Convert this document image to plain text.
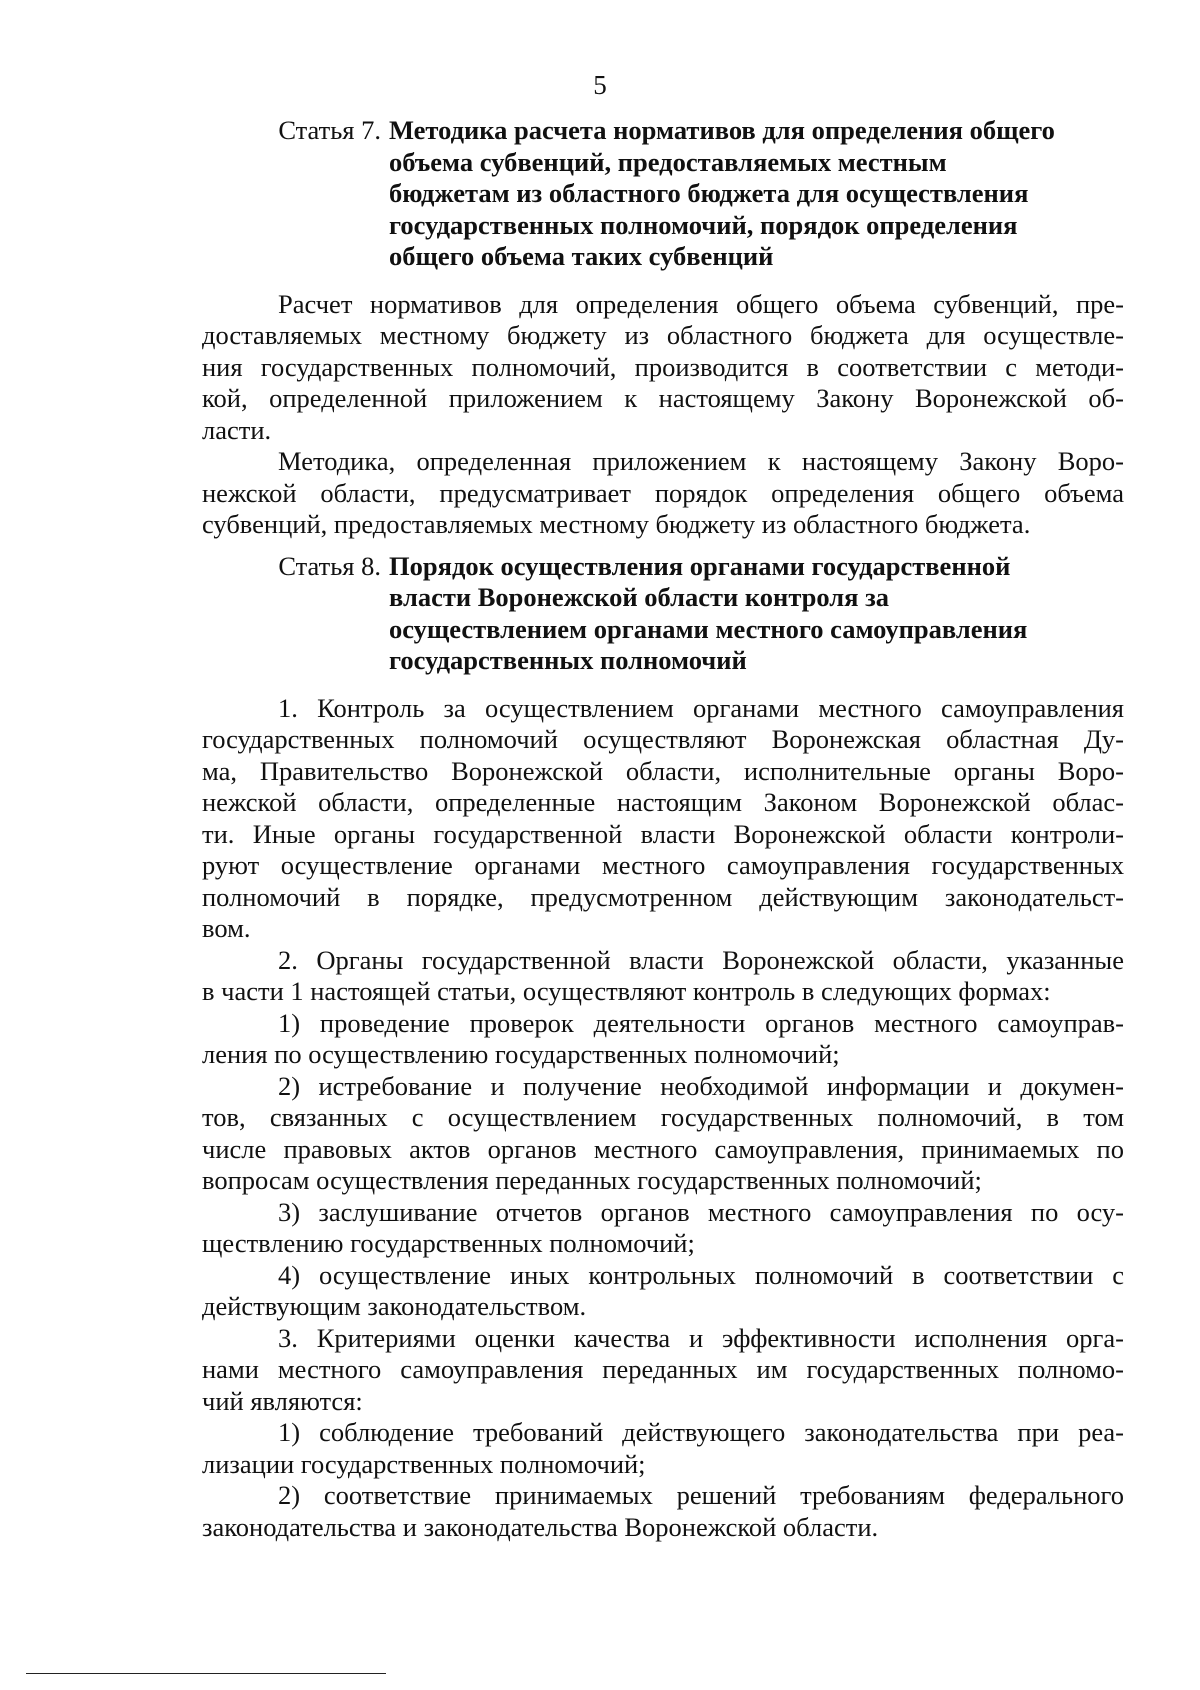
5
Статья 7. Методика расчета нормативов для определения общего
объема субвенций, предоставляемых местным
бюджетам из областного бюджета для осуществления
государственных полномочий, порядок определения
общего объема таких субвенций
Расчет нормативов для определения общего объема субвенций, пре-
доставляемых местному бюджету из областного бюджета для осуществле-
ния государственных полномочий, производится в соответствии с методи-
кой, определенной приложением к настоящему Закону Воронежской об-
ласти.
Методика, определенная приложением к настоящему Закону Воро-
нежской области, предусматривает порядок определения общего объема
субвенций, предоставляемых местному бюджету из областного бюджета.
Статья 8. Порядок осуществления органами государственной
власти Воронежской области контроля за
осуществлением органами местного самоуправления
государственных полномочий
1. Контроль за осуществлением органами местного самоуправления
государственных полномочий осуществляют Воронежская областная Ду-
ма, Правительство Воронежской области, исполнительные органы Воро-
нежской области, определенные настоящим Законом Воронежской облас-
ти. Иные органы государственной власти Воронежской области контроли-
руют осуществление органами местного самоуправления государственных
полномочий в порядке, предусмотренном действующим законодательст-
вом.
2. Органы государственной власти Воронежской области, указанные
в части 1 настоящей статьи, осуществляют контроль в следующих формах:
1) проведение проверок деятельности органов местного самоуправ-
ления по осуществлению государственных полномочий;
2) истребование и получение необходимой информации и докумен-
тов, связанных с осуществлением государственных полномочий, в том
числе правовых актов органов местного самоуправления, принимаемых по
вопросам осуществления переданных государственных полномочий;
3) заслушивание отчетов органов местного самоуправления по осу-
ществлению государственных полномочий;
4) осуществление иных контрольных полномочий в соответствии с
действующим законодательством.
3. Критериями оценки качества и эффективности исполнения орга-
нами местного самоуправления переданных им государственных полномо-
чий являются:
1) соблюдение требований действующего законодательства при реа-
лизации государственных полномочий;
2) соответствие принимаемых решений требованиям федерального
законодательства и законодательства Воронежской области.
